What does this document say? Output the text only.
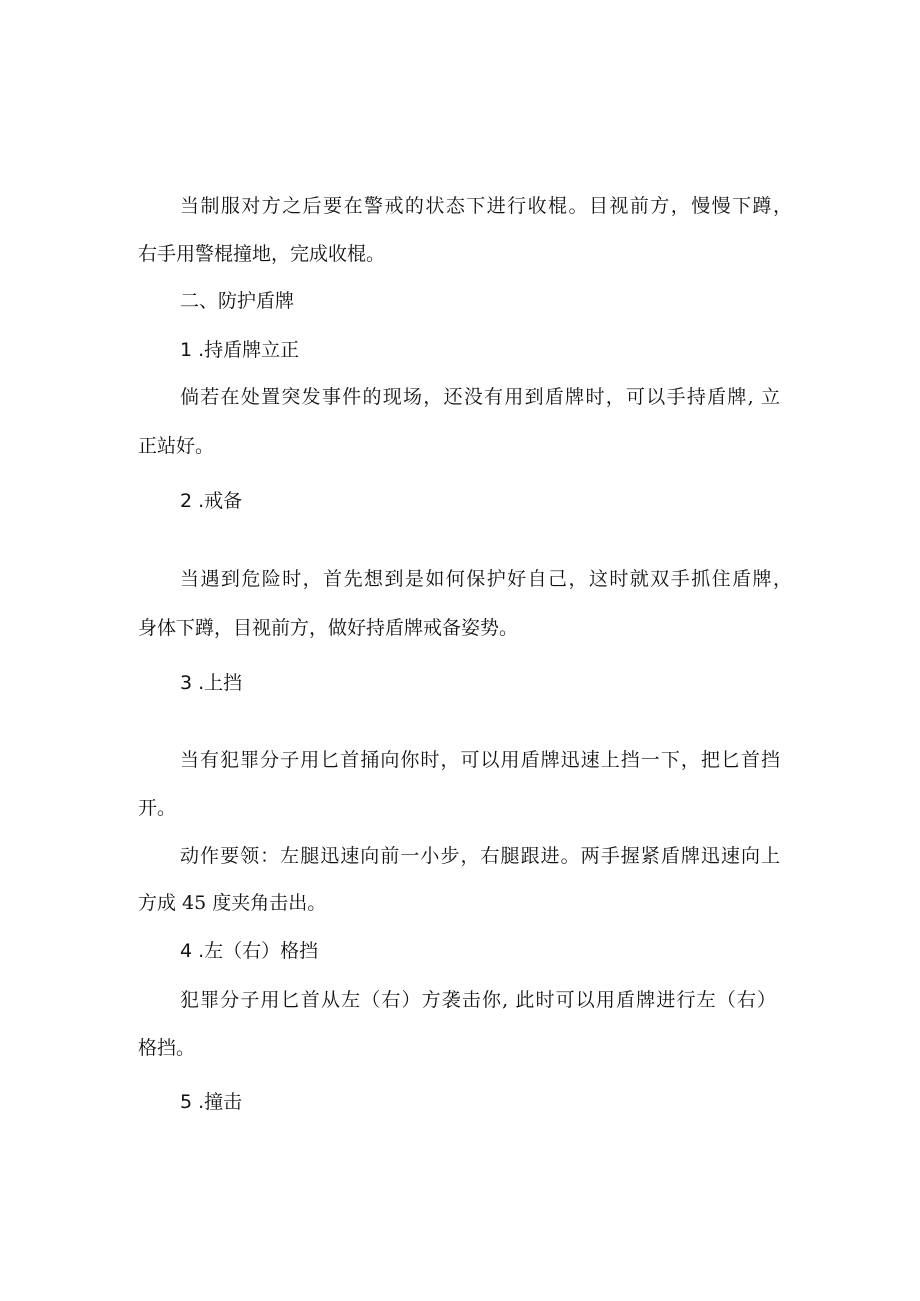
当制服对方之后要在警戒的状态下进行收棍。目视前方，慢慢下蹲，
右手用警棍撞地，完成收棍。
二、防护盾牌
1 .持盾牌立正
倘若在处置突发事件的现场，还没有用到盾牌时，可以手持盾牌, 立
正站好。
2 .戒备
当遇到危险时，首先想到是如何保护好自己，这时就双手抓住盾牌，
身体下蹲，目视前方，做好持盾牌戒备姿势。
3 .上挡
当有犯罪分子用匕首捅向你时，可以用盾牌迅速上挡一下，把匕首挡
开。
动作要领：左腿迅速向前一小步，右腿跟进。两手握紧盾牌迅速向上
方成 45 度夹角击出。
4 .左（右）格挡
犯罪分子用匕首从左（右）方袭击你, 此时可以用盾牌进行左（右）
格挡。
5 .撞击
